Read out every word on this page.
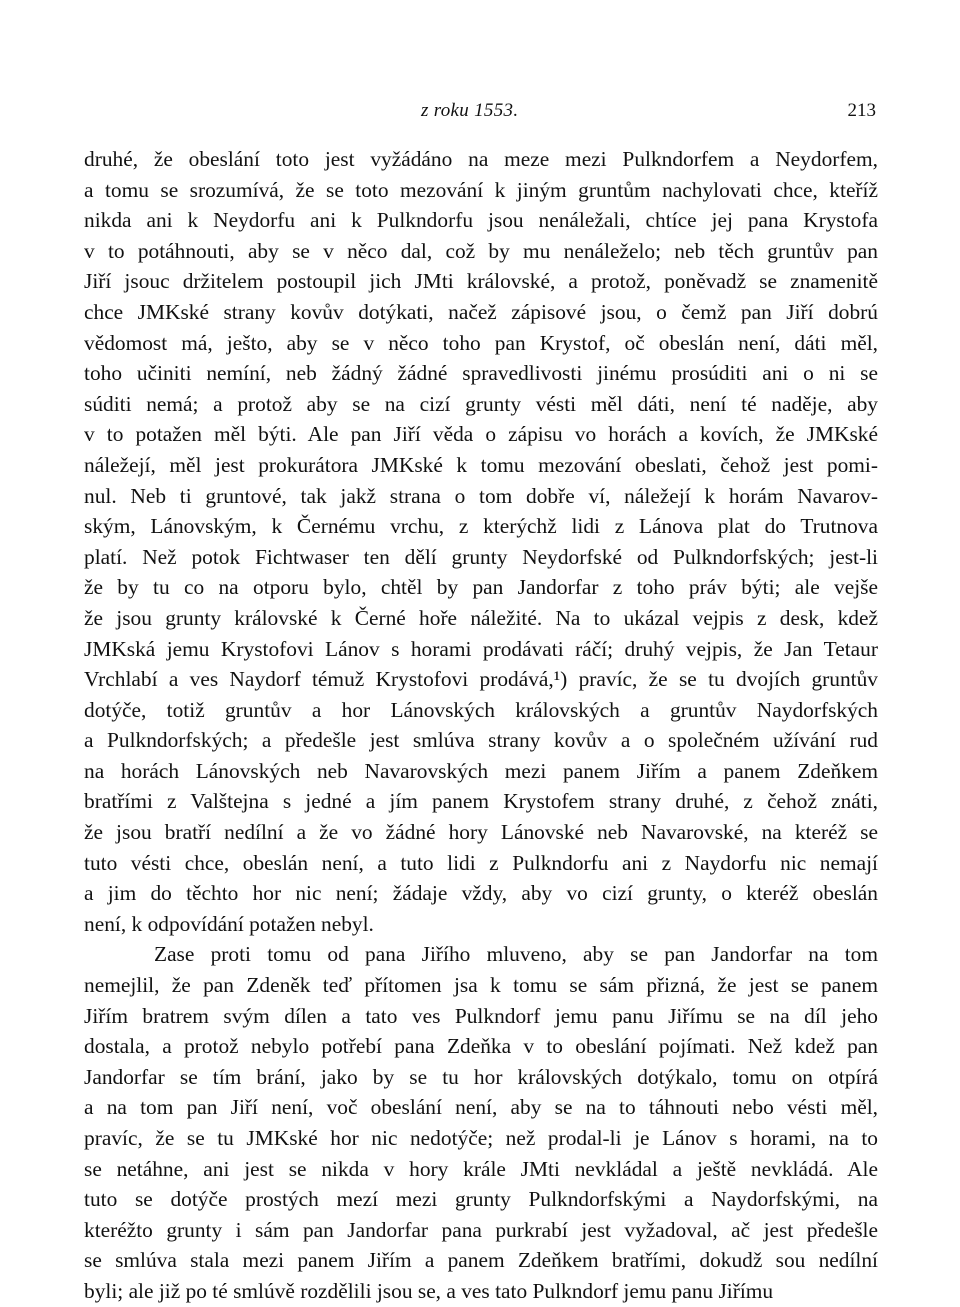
z roku 1553.	213
druhé, že obeslání toto jest vyžádáno na meze mezi Pulkndorfem a Neydorfem,
a tomu se srozumívá, že se toto mezování k jiným gruntům nachylovati chce, kteříž
nikda ani k Neydorfu ani k Pulkndorfu jsou nenáležali, chtíce jej pana Krystofa
v to potáhnouti, aby se v něco dal, což by mu nenáleželo; neb těch gruntův pan
Jiří jsouc držitelem postoupil jich JMti královské, a protož, poněvadž se znamenitě
chce JMKské strany kovův dotýkati, načež zápisové jsou, o čemž pan Jiří dobrú
vědomost má, ješto, aby se v něco toho pan Krystof, oč obeslán není, dáti měl,
toho učiniti nemíní, neb žádný žádné spravedlivosti jinému prosúditi ani o ni se
súditi nemá; a protož aby se na cizí grunty vésti měl dáti, není té naděje, aby
v to potažen měl býti. Ale pan Jiří věda o zápisu vo horách a kovích, že JMKské
náležejí, měl jest prokurátora JMKské k tomu mezování obeslati, čehož jest pomi-
nul. Neb ti gruntové, tak jakž strana o tom dobře ví, náležejí k horám Navarov-
ským, Lánovským, k Černému vrchu, z kterýchž lidi z Lánova plat do Trutnova
platí. Než potok Fichtwaser ten dělí grunty Neydorfské od Pulkndorfských; jest-li
že by tu co na otporu bylo, chtěl by pan Jandorfar z toho práv býti; ale vejše
že jsou grunty královské k Černé hoře náležité. Na to ukázal vejpis z desk, kdež
JMKská jemu Krystofovi Lánov s horami prodávati ráčí; druhý vejpis, že Jan Tetaur
Vrchlabí a ves Naydorf témuž Krystofovi prodává,¹) pravíc, že se tu dvojích gruntův
dotýče, totiž gruntův a hor Lánovských královských a gruntův Naydorfských
a Pulkndorfských; a předešle jest smlúva strany kovův a o společném užívání rud
na horách Lánovských neb Navarovských mezi panem Jiřím a panem Zdeňkem
bratřími z Valštejna s jedné a jím panem Krystofem strany druhé, z čehož znáti,
že jsou bratří nedílní a že vo žádné hory Lánovské neb Navarovské, na kteréž se
tuto vésti chce, obeslán není, a tuto lidi z Pulkndorfu ani z Naydorfu nic nemají
a jim do těchto hor nic není; žádaje vždy, aby vo cizí grunty, o kteréž obeslán
není, k odpovídání potažen nebyl.
Zase proti tomu od pana Jiřího mluveno, aby se pan Jandorfar na tom
nemejlil, že pan Zdeněk teď přítomen jsa k tomu se sám přizná, že jest se panem
Jiřím bratrem svým dílen a tato ves Pulkndorf jemu panu Jiřímu se na díl jeho
dostala, a protož nebylo potřebí pana Zdeňka v to obeslání pojímati. Než kdež pan
Jandorfar se tím brání, jako by se tu hor královských dotýkalo, tomu on otpírá
a na tom pan Jiří není, voč obeslání není, aby se na to táhnouti nebo vésti měl,
pravíc, že se tu JMKské hor nic nedotýče; než prodal-li je Lánov s horami, na to
se netáhne, ani jest se nikda v hory krále JMti nevkládal a ještě nevkládá. Ale
tuto se dotýče prostých mezí mezi grunty Pulkndorfskými a Naydorfskými, na
kteréžto grunty i sám pan Jandorfar pana purkrabí jest vyžadoval, ač jest předešle
se smlúva stala mezi panem Jiřím a panem Zdeňkem bratřími, dokudž sou nedílní
byli; ale již po té smlúvě rozdělili jsou se, a ves tato Pulkndorf jemu panu Jiřímu
